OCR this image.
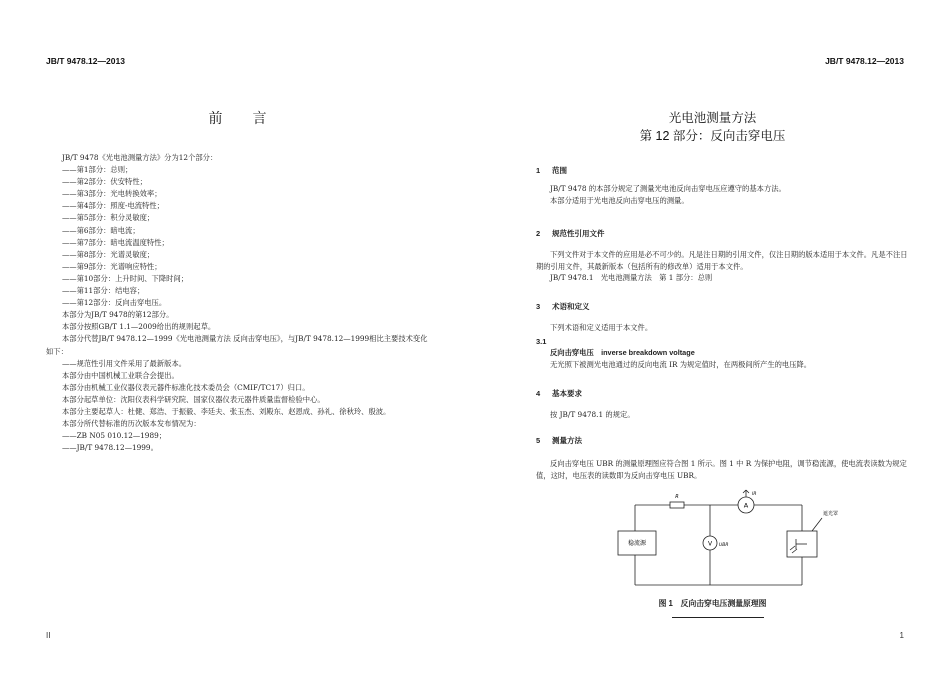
JB/T 9478.12—2013
前言
JB/T 9478《光电池测量方法》分为12个部分：
——第1部分：总则；
——第2部分：伏安特性；
——第3部分：光电转换效率；
——第4部分：照度-电流特性；
——第5部分：积分灵敏度；
——第6部分：暗电流；
——第7部分：暗电流温度特性；
——第8部分：光谱灵敏度；
——第9部分：光谱响应特性；
——第10部分：上升时间、下降时间；
——第11部分：结电容；
——第12部分：反向击穿电压。
本部分为JB/T 9478的第12部分。
本部分按照GB/T 1.1—2009给出的规则起草。
本部分代替JB/T 9478.12—1999《光电池测量方法 反向击穿电压》，与JB/T 9478.12—1999相比主要技术变化如下：
——规范性引用文件采用了最新版本。
本部分由中国机械工业联合会提出。
本部分由机械工业仪器仪表元器件标准化技术委员会（CMIF/TC17）归口。
本部分起草单位：沈阳仪表科学研究院、国家仪器仪表元器件质量监督检验中心。
本部分主要起草人：杜健、郑浩、于振毅、李廷夫、张玉杰、刘殿东、赵恩成、孙礼、徐秋玲、殷波。
本部分所代替标准的历次版本发布情况为：
——ZB N05 010.12—1989；
——JB/T 9478.12—1999。
II
JB/T 9478.12—2013
光电池测量方法
第 12 部分：反向击穿电压
1
1 范围
JB/T 9478 的本部分规定了测量光电池反向击穿电压应遵守的基本方法。
本部分适用于光电池反向击穿电压的测量。
2 规范性引用文件
下列文件对于本文件的应用是必不可少的。凡是注日期的引用文件，仅注日期的版本适用于本文件。凡是不注日期的引用文件，其最新版本（包括所有的修改单）适用于本文件。
JB/T 9478.1　光电池测量方法　第 1 部分：总则
3 术语和定义
下列术语和定义适用于本文件。
3.1
反向击穿电压　inverse breakdown voltage
无光照下被测光电池通过的反向电流 IR 为规定值时，在两极间所产生的电压降。
4 基本要求
按 JB/T 9478.1 的规定。
5 测量方法
反向击穿电压 UBR 的测量原理图应符合图 1 所示。图 1 中 R 为保护电阻，调节稳流源，使电流表读数为规定值，这时，电压表的读数即为反向击穿电压 UBR。
R
A
IR
V UBR
稳流源
遮光罩
图 1　反向击穿电压测量原理图
